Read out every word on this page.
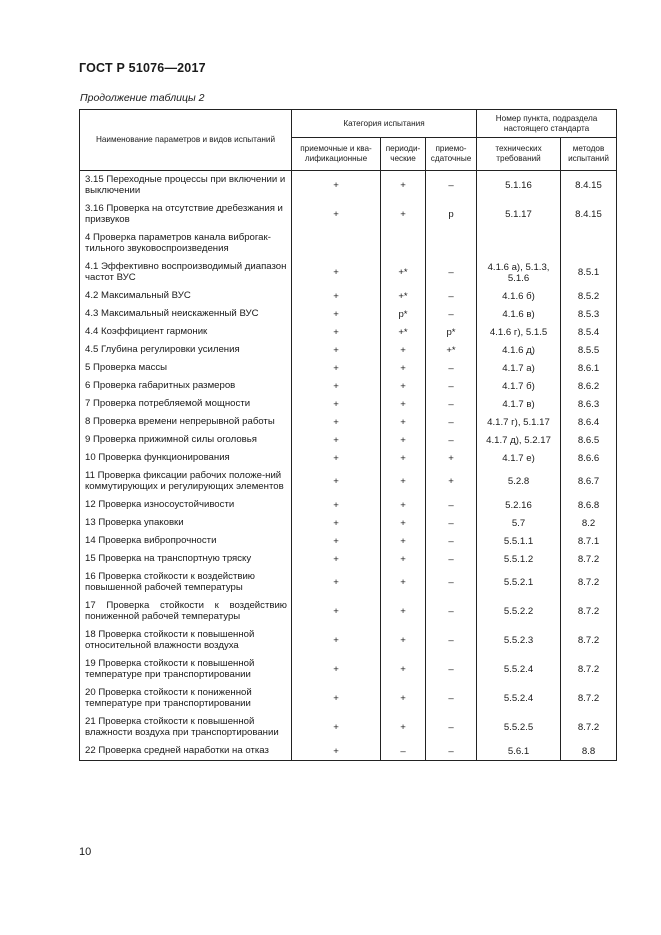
ГОСТ Р 51076—2017
Продолжение таблицы 2
Наименование параметров и видов испытаний	Категория испытания			Номер пункта, подраздела настоящего стандарта	
	приемочные и ква- лификационные	периоди- ческие	приемо- сдаточные	технических требований	методов испытаний
3.15 Переходные процессы при включении и выключении	+	+	–	5.1.16	8.4.15
3.16 Проверка на отсутствие дребезжания и призвуков	+	+	р	5.1.17	8.4.15
4 Проверка параметров канала виброгак-тильного звуковоспроизведения					
4.1 Эффективно воспроизводимый диапазон частот ВУС	+	+*	–	4.1.6 а), 5.1.3, 5.1.6	8.5.1
4.2 Максимальный ВУС	+	+*	–	4.1.6 б)	8.5.2
4.3 Максимальный неискаженный ВУС	+	р*	–	4.1.6 в)	8.5.3
4.4 Коэффициент гармоник	+	+*	р*	4.1.6 г), 5.1.5	8.5.4
4.5 Глубина регулировки усиления	+	+	+*	4.1.6 д)	8.5.5
5 Проверка массы	+	+	–	4.1.7 а)	8.6.1
6 Проверка габаритных размеров	+	+	–	4.1.7 б)	8.6.2
7 Проверка потребляемой мощности	+	+	–	4.1.7 в)	8.6.3
8 Проверка времени непрерывной работы	+	+	–	4.1.7 г), 5.1.17	8.6.4
9 Проверка прижимной силы оголовья	+	+	–	4.1.7 д), 5.2.17	8.6.5
10 Проверка функционирования	+	+	+	4.1.7 е)	8.6.6
11 Проверка фиксации рабочих положе-ний коммутирующих и регулирующих элементов	+	+	+	5.2.8	8.6.7
12 Проверка износоустойчивости	+	+	–	5.2.16	8.6.8
13 Проверка упаковки	+	+	–	5.7	8.2
14 Проверка вибропрочности	+	+	–	5.5.1.1	8.7.1
15 Проверка на транспортную тряску	+	+	–	5.5.1.2	8.7.2
16 Проверка стойкости к воздействию повышенной рабочей температуры	+	+	–	5.5.2.1	8.7.2
17 Проверка стойкости к воздействию пониженной рабочей температуры	+	+	–	5.5.2.2	8.7.2
18 Проверка стойкости к повышенной относительной влажности воздуха	+	+	–	5.5.2.3	8.7.2
19 Проверка стойкости к повышенной температуре при транспортировании	+	+	–	5.5.2.4	8.7.2
20 Проверка стойкости к пониженной температуре при транспортировании	+	+	–	5.5.2.4	8.7.2
21 Проверка стойкости к повышенной влажности воздуха при транспортировании	+	+	–	5.5.2.5	8.7.2
22 Проверка средней наработки на отказ	+	–	–	5.6.1	8.8
10
